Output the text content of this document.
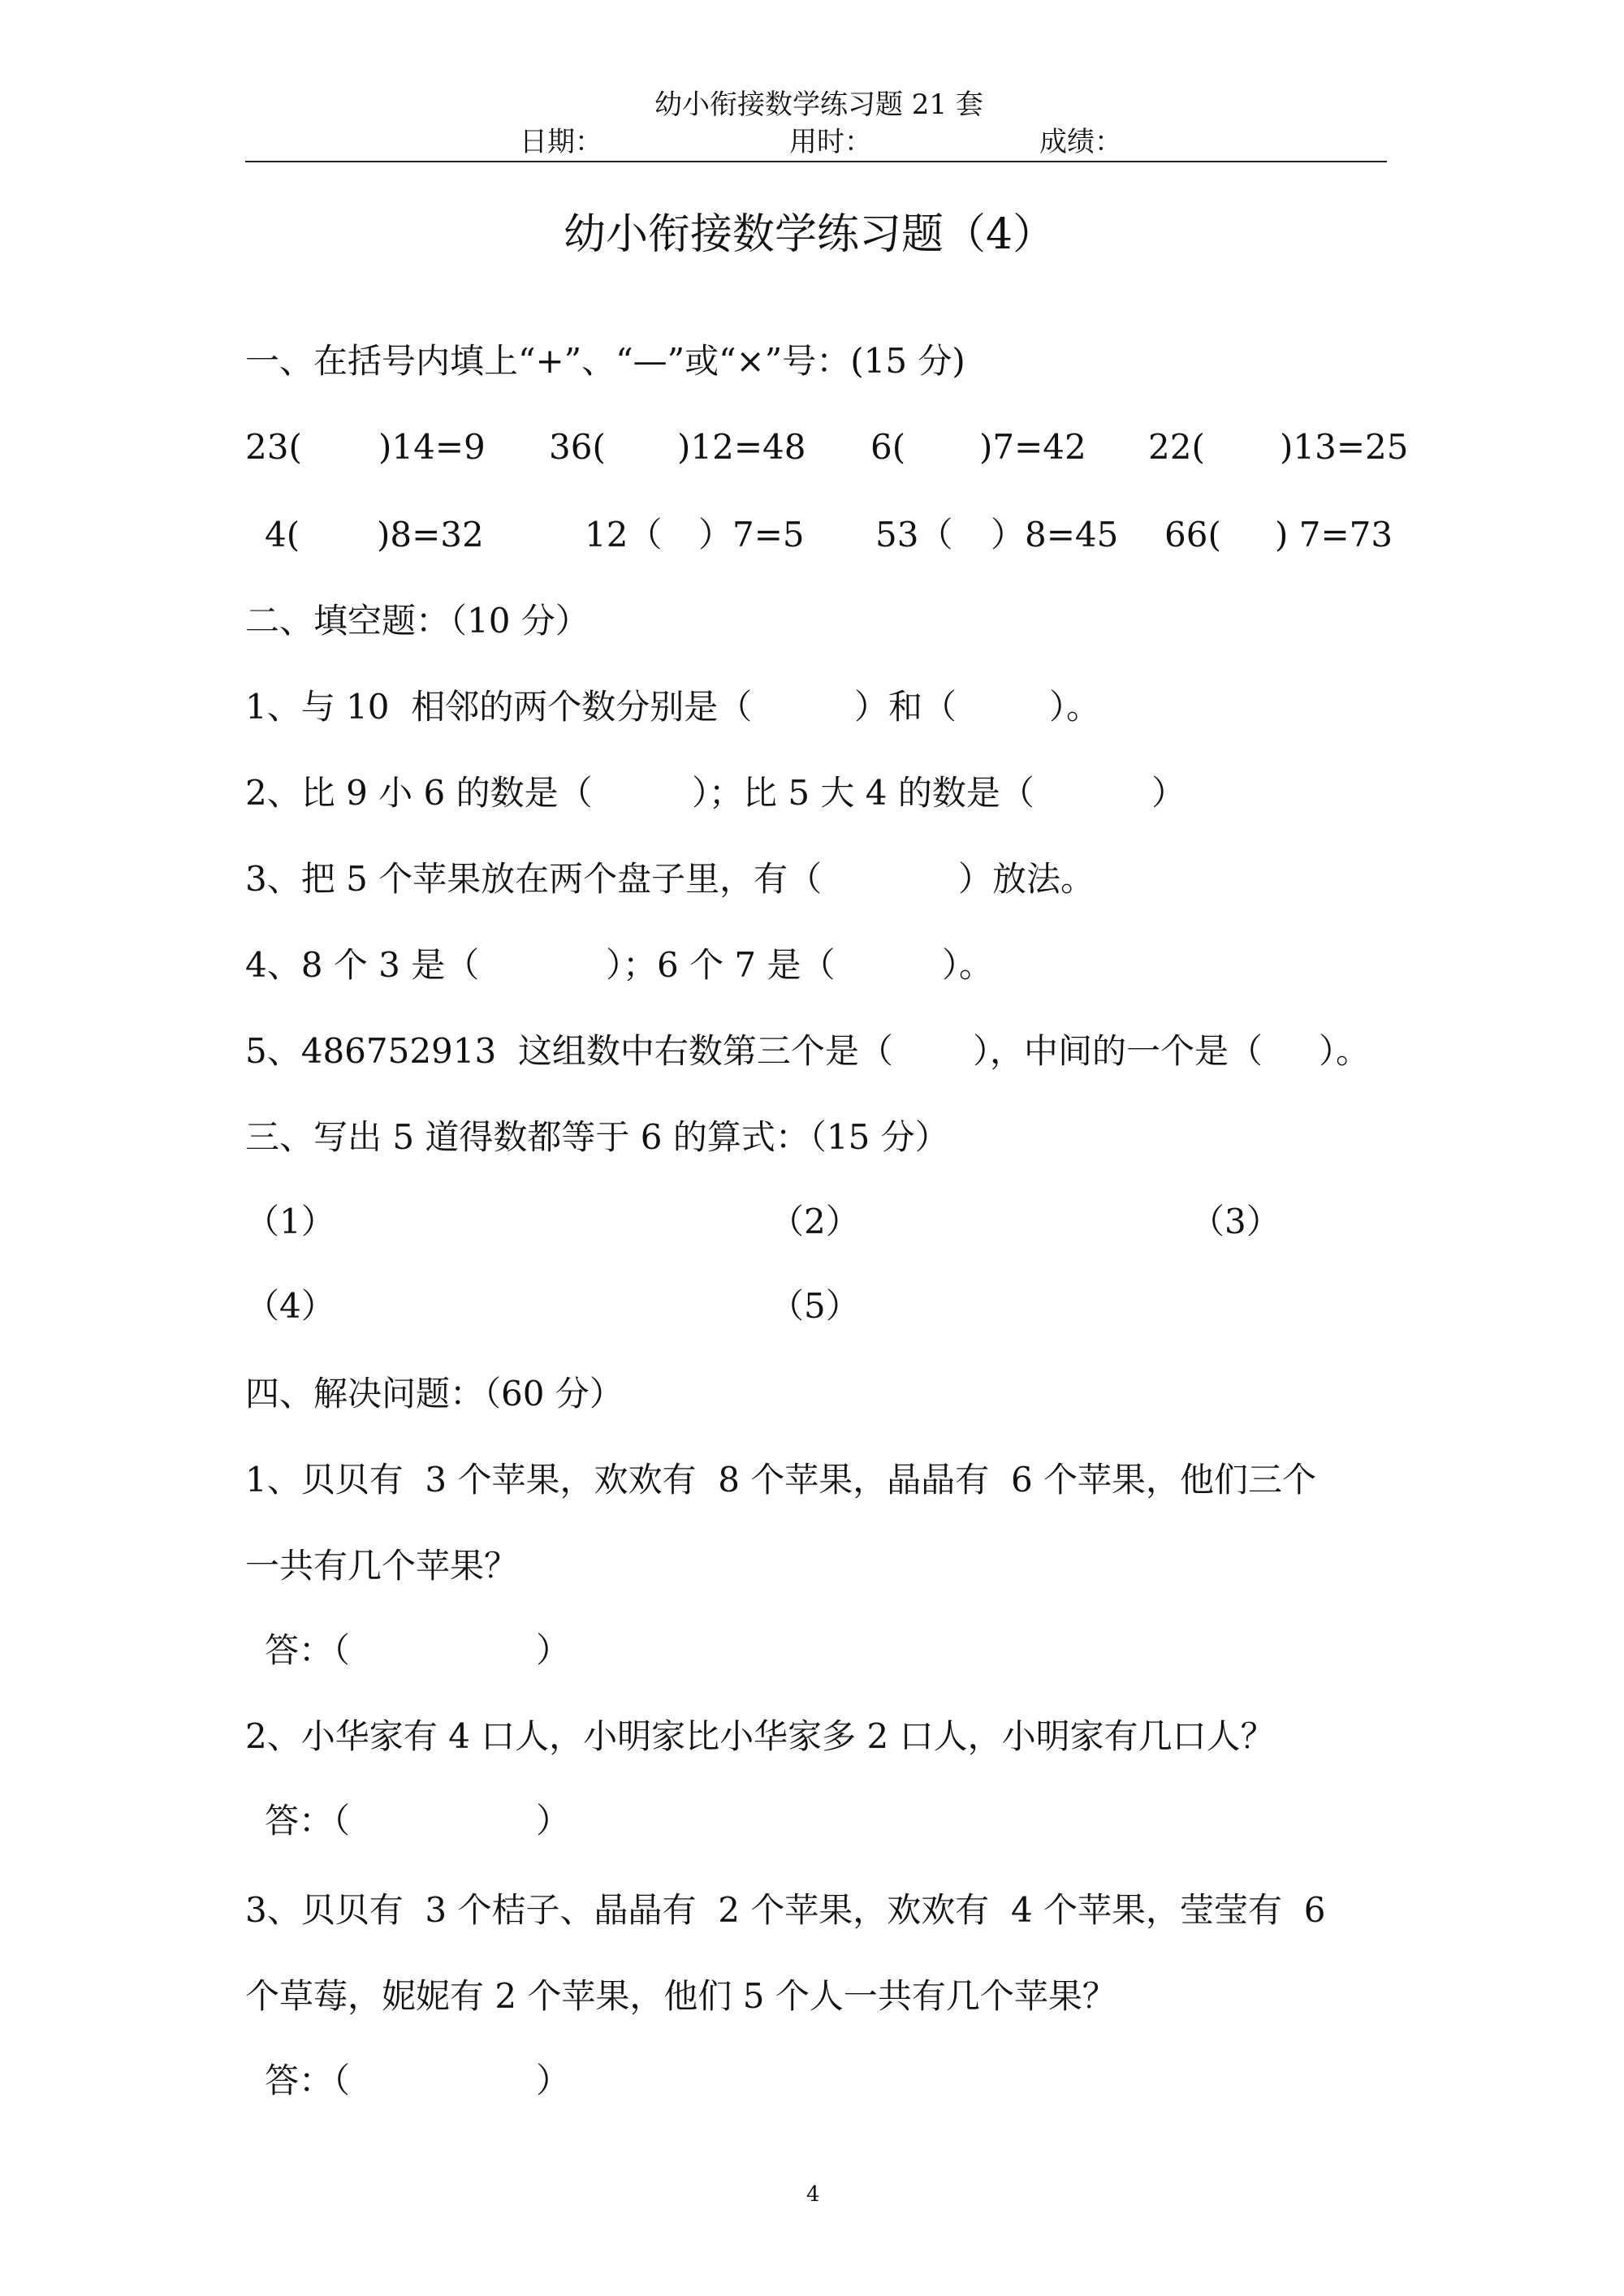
幼小衔接数学练习题 21 套
日期：	用时：	成绩：
幼小衔接数学练习题（4）
一、在括号内填上“+”、“—”或“×”号：(15 分)
23( )14=9 36( )12=48 6( )7=42 22( )13=25
4( )8=32	12（ ）7=5 53（ ）8=45 66( ) 7=73
二、填空题：（10 分）
1、与 10  相邻的两个数分别是（	）和（	）。
2、比 9 小 6 的数是（	）；比 5 大 4 的数是（	）
3、把 5 个苹果放在两个盘子里，有（	）放法。
4、8 个 3 是（	）；6 个 7 是（	）。
5、486752913  这组数中右数第三个是（ ），中间的一个是（ ）。
三、写出 5 道得数都等于 6 的算式：（15 分）
（1）	（2）	（3）
（4）	（5）
四、解决问题：（60 分）
1、贝贝有  3 个苹果，欢欢有  8 个苹果，晶晶有  6 个苹果，他们三个
一共有几个苹果？
答：（	）
2、小华家有 4 口人，小明家比小华家多 2 口人，小明家有几口人？
答：（	）
3、贝贝有  3 个桔子、晶晶有  2 个苹果，欢欢有  4 个苹果，莹莹有  6
个草莓，妮妮有 2 个苹果，他们 5 个人一共有几个苹果？
答：（	）
4
